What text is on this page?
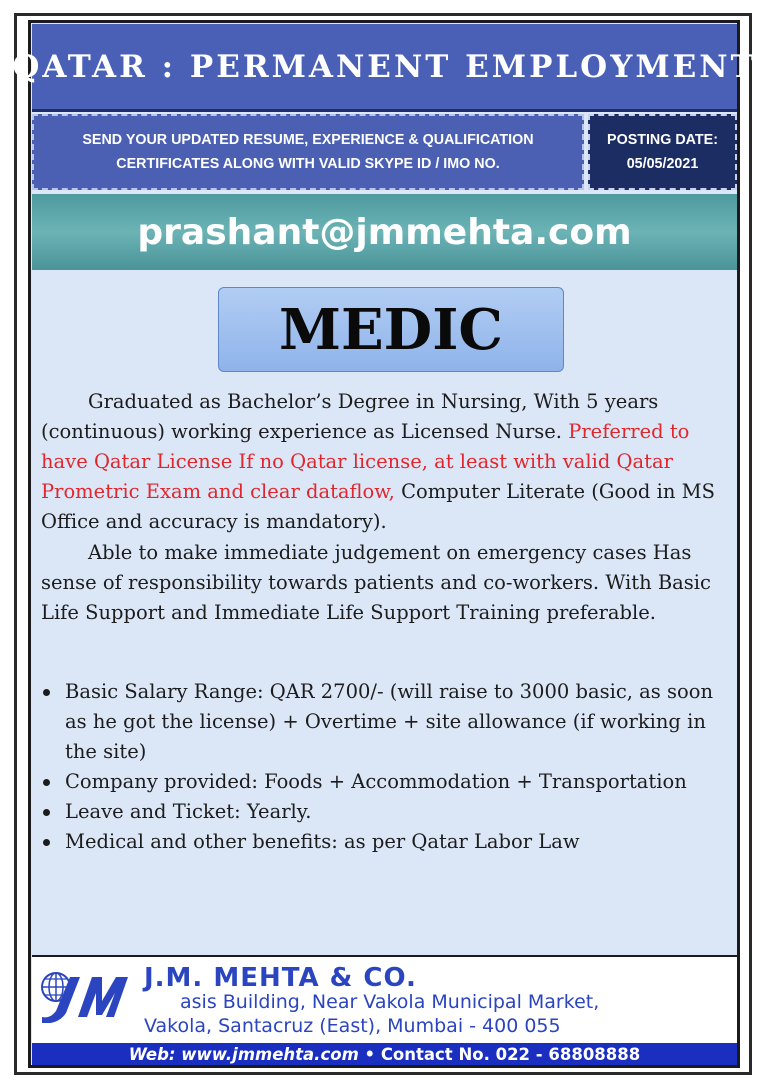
QATAR : PERMANENT EMPLOYMENT
SEND YOUR UPDATED RESUME, EXPERIENCE & QUALIFICATION
CERTIFICATES ALONG WITH VALID SKYPE ID / IMO NO.
POSTING DATE:
05/05/2021
prashant@jmmehta.com
MEDIC

Graduated as Bachelor’s Degree in Nursing, With 5 years (continuous) working experience as Licensed Nurse. Preferred to have Qatar License If no Qatar license, at least with valid Qatar Prometric Exam and clear dataflow, Computer Literate (Good in MS Office and accuracy is mandatory).

Able to make immediate judgement on emergency cases Has sense of responsibility towards patients and co-workers. With Basic Life Support and Immediate Life Support Training preferable.

Basic Salary Range: QAR 2700/- (will raise to 3000 basic, as soon as he got the license) + Overtime + site allowance (if working in the site)
Company provided: Foods + Accommodation + Transportation
Leave and Ticket: Yearly.
Medical and other benefits: as per Qatar Labor Law
J.M. MEHTA & CO.
asis Building, Near Vakola Municipal Market,
Vakola, Santacruz (East), Mumbai - 400 055
Web: www.jmmehta.com • Contact No. 022 - 68808888
